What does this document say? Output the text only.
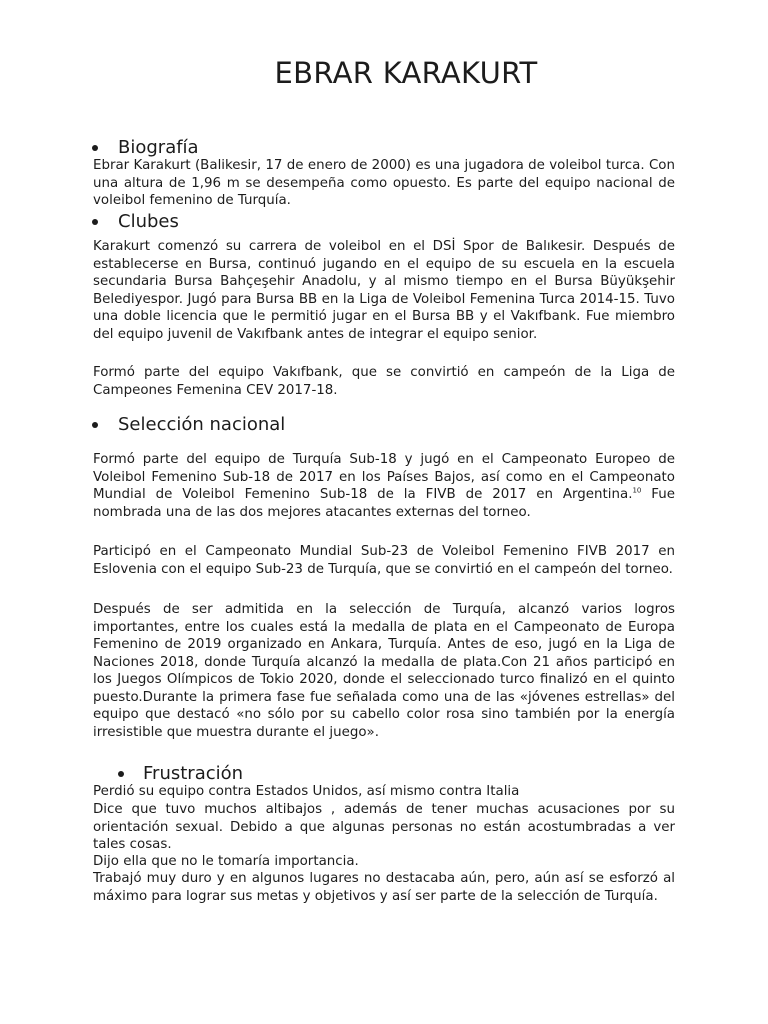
EBRAR KARAKURT
Biografía

Ebrar Karakurt (Balikesir, 17 de enero de 2000) es una jugadora de voleibol turca. Con una altura de 1,96 m se desempeña como opuesto. Es parte del equipo nacional de voleibol femenino de Turquía.

Clubes

Karakurt comenzó su carrera de voleibol en el DSİ Spor de Balıkesir. Después de establecerse en Bursa, continuó jugando en el equipo de su escuela en la escuela secundaria Bursa Bahçeşehir Anadolu, y al mismo tiempo en el Bursa Büyükşehir Belediyespor. Jugó para Bursa BB en la Liga de Voleibol Femenina Turca 2014-15. Tuvo una doble licencia que le permitió jugar en el Bursa BB y el Vakıfbank. Fue miembro del equipo juvenil de Vakıfbank antes de integrar el equipo senior.

Formó parte del equipo Vakıfbank, que se convirtió en campeón de la Liga de Campeones Femenina CEV 2017-18.

Selección nacional

Formó parte del equipo de Turquía Sub-18 y jugó en el Campeonato Europeo de Voleibol Femenino Sub-18 de 2017 en los Países Bajos, así como en el Campeonato Mundial de Voleibol Femenino Sub-18 de la FIVB de 2017 en Argentina.$^{10}$ Fue nombrada una de las dos mejores atacantes externas del torneo.

Participó en el Campeonato Mundial Sub-23 de Voleibol Femenino FIVB 2017 en Eslovenia con el equipo Sub-23 de Turquía, que se convirtió en el campeón del torneo.

Después de ser admitida en la selección de Turquía, alcanzó varios logros importantes, entre los cuales está la medalla de plata en el Campeonato de Europa Femenino de 2019 organizado en Ankara, Turquía. Antes de eso, jugó en la Liga de Naciones 2018, donde Turquía alcanzó la medalla de plata.Con 21 años participó en los Juegos Olímpicos de Tokio 2020, donde el seleccionado turco finalizó en el quinto puesto.Durante la primera fase fue señalada como una de las «jóvenes estrellas» del equipo que destacó «no sólo por su cabello color rosa sino también por la energía irresistible que muestra durante el juego».

Frustración

Perdió su equipo contra Estados Unidos, así mismo contra Italia

Dice que tuvo muchos altibajos , además de tener muchas acusaciones por su orientación sexual. Debido a que algunas personas no están acostumbradas a ver tales cosas.

Dijo ella que no le tomaría importancia.

Trabajó muy duro y en algunos lugares no destacaba aún, pero, aún así se esforzó al máximo para lograr sus metas y objetivos y así ser parte de la selección de Turquía.
